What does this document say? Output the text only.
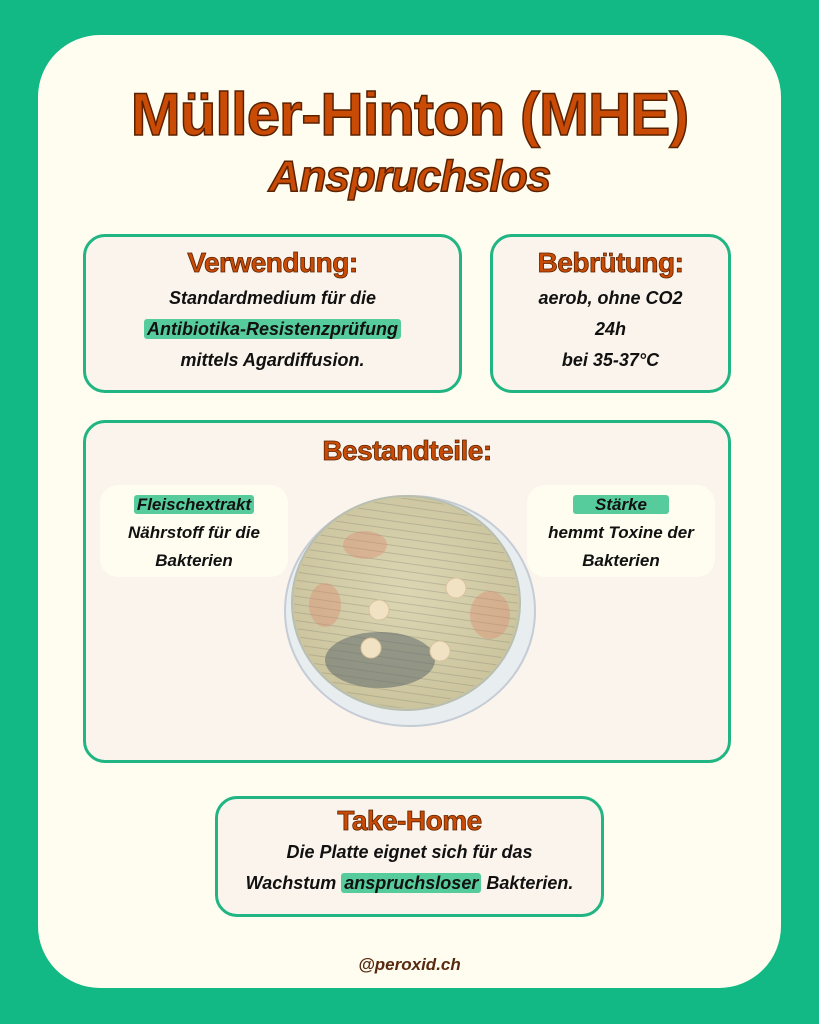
Müller-Hinton (MHE)
Anspruchslos
Verwendung:
Standardmedium für die
Antibiotika-Resistenzprüfung
mittels Agardiffusion.
Bebrütung:
aerob, ohne CO2
24h
bei 35-37°C
Bestandteile:
Fleischextrakt
Nährstoff für die
Bakterien
Stärke
hemmt Toxine der
Bakterien
Take-Home
Die Platte eignet sich für das
Wachstum anspruchsloser Bakterien.
@peroxid.ch
